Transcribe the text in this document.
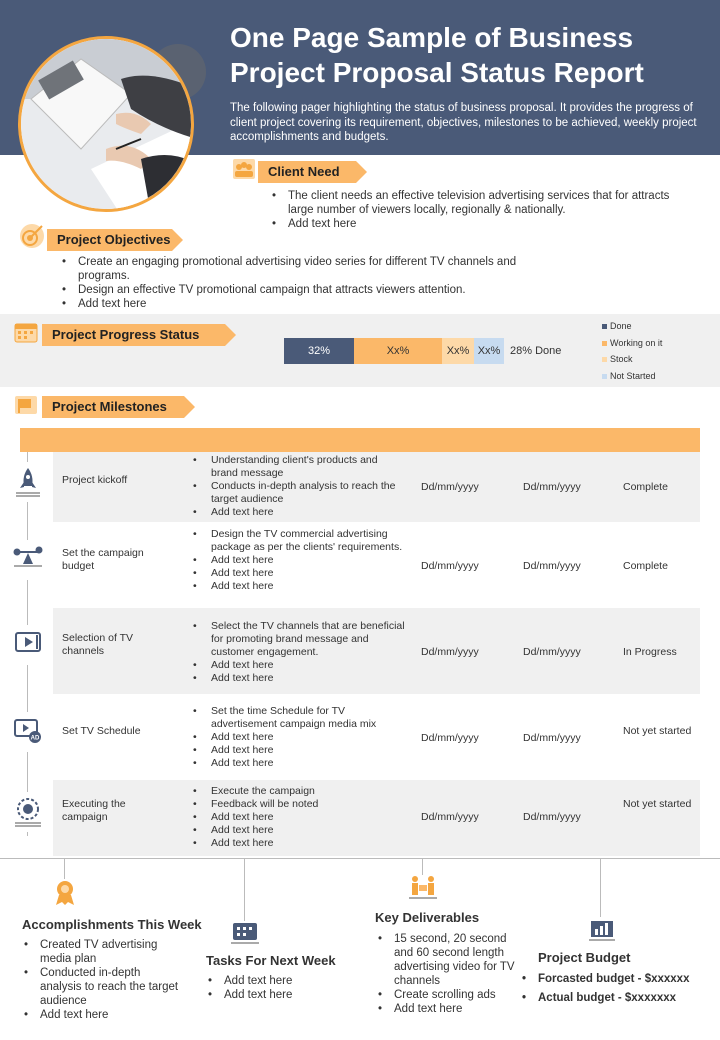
One Page Sample of Business
Project Proposal Status Report
The following pager highlighting the status of business proposal. It provides the progress of client project covering its requirement, objectives, milestones to be achieved, weekly project accomplishments and budgets.
Client Need
• The client needs an effective television advertising services that for attracts large number of viewers locally, regionally & nationally.
• Add text here
Project Objectives
• Create an engaging promotional advertising video series for different TV channels and programs.
• Design an effective TV promotional campaign that attracts viewers attention.
• Add text here
Project Progress Status
32%	Xx%	Xx% Xx% 28% Done
Done
Working on it
Stock
Not Started
Project Milestones
Project kickoff
• Understanding client's products and brand message
• Conducts in-depth analysis to reach the target audience
• Add text here
Dd/mm/yyyy	Dd/mm/yyyy	Complete
Set the campaign budget
• Design the TV commercial advertising package as per the clients' requirements.
• Add text here
• Add text here
• Add text here
Dd/mm/yyyy	Dd/mm/yyyy	Complete
Selection of TV channels
• Select the TV channels that are beneficial for promoting brand message and customer engagement.
• Add text here
• Add text here
Dd/mm/yyyy	Dd/mm/yyyy	In Progress
Set TV Schedule
• Set the time Schedule for TV advertisement campaign media mix
• Add text here
• Add text here
• Add text here
Dd/mm/yyyy	Dd/mm/yyyy
Not yet started
AD
Executing the campaign
• Execute the campaign
• Feedback will be noted
• Add text here
• Add text here
• Add text here
Dd/mm/yyyy	Dd/mm/yyyy
Not yet started
Accomplishments This Week
• Created TV advertising media plan
• Conducted in-depth analysis to reach the target audience
• Add text here
Tasks For Next Week
• Add text here
• Add text here
Key Deliverables
• 15 second, 20 second and 60 second length advertising video for TV channels
• Create scrolling ads
• Add text here
Project Budget
• Forcasted budget - $xxxxxx
• Actual budget - $xxxxxxx
